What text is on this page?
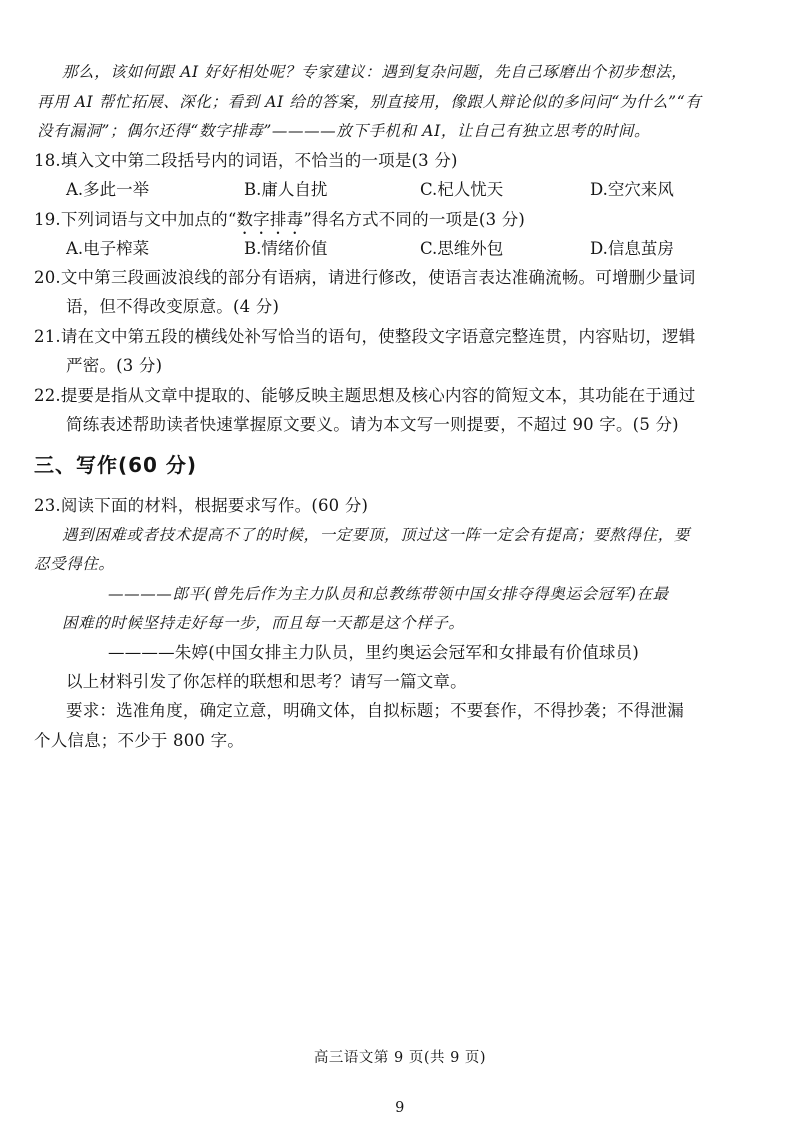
那么，该如何跟 AI 好好相处呢？专家建议：遇到复杂问题，先自己琢磨出个初步想法，
再用 AI 帮忙拓展、深化；看到 AI 给的答案，别直接用，像跟人辩论似的多问问“为什么”“有
没有漏洞”；偶尔还得“数字排毒”————放下手机和 AI，让自己有独立思考的时间。
18.填入文中第二段括号内的词语，不恰当的一项是(3 分)
A.多此一举	B.庸人自扰	C.杞人忧天	D.空穴来风
19.下列词语与文中加点的“数字排毒”得名方式不同的一项是(3 分)
A.电子榨菜	B.情绪价值	C.思维外包	D.信息茧房
20.文中第三段画波浪线的部分有语病，请进行修改，使语言表达准确流畅。可增删少量词
语，但不得改变原意。(4 分)
21.请在文中第五段的横线处补写恰当的语句，使整段文字语意完整连贯，内容贴切，逻辑
严密。(3 分)
22.提要是指从文章中提取的、能够反映主题思想及核心内容的简短文本，其功能在于通过
简练表述帮助读者快速掌握原文要义。请为本文写一则提要，不超过 90 字。(5 分)
三、写作(60 分)
23.阅读下面的材料，根据要求写作。(60 分)
遇到困难或者技术提高不了的时候，一定要顶，顶过这一阵一定会有提高；要熬得住，要
忍受得住。
————郎平(曾先后作为主力队员和总教练带领中国女排夺得奥运会冠军)在最
困难的时候坚持走好每一步，而且每一天都是这个样子。
————朱婷(中国女排主力队员，里约奥运会冠军和女排最有价值球员)
以上材料引发了你怎样的联想和思考？请写一篇文章。
要求：选准角度，确定立意，明确文体，自拟标题；不要套作，不得抄袭；不得泄漏
个人信息；不少于 800 字。
高三语文第 9 页(共 9 页)
9
